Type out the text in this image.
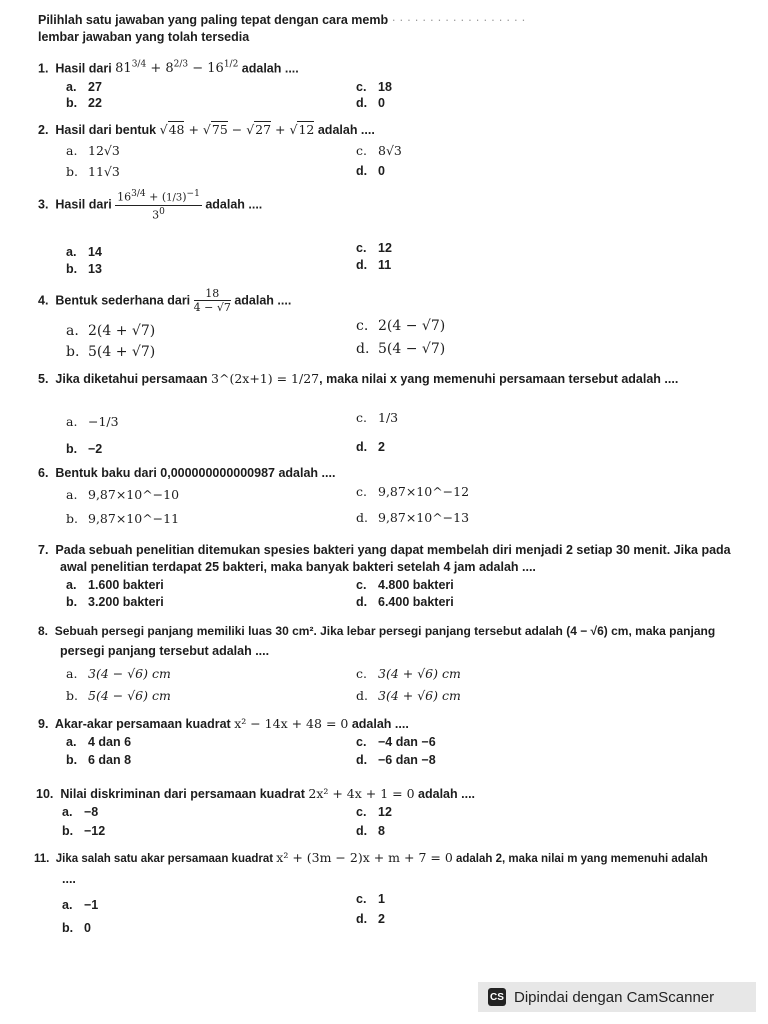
Pilihlah satu jawaban yang paling tepat dengan cara memb · · · · · · · · · · · · · · · · · ·
lembar jawaban yang tolah tersedia
1. Hasil dari $81^{3/4} + 8^{2/3} - 16^{1/2}$ adalah ....
a. 27
b. 22
c. 18
d. 0
2. Hasil dari bentuk √48 + √75 − √27 + √12 adalah ....
a. 12√3
b. 11√3
c. 8√3
d. 0
3. Hasil dari $\frac{16^{3/4} + (1/3)^{-1}}{3^0}$ adalah ....
a. 14
b. 13
c. 12
d. 11
4. Bentuk sederhana dari $\frac{18}{4 - √7}$ adalah ....
a. 2(4 + √7)
b. 5(4 + √7)
c. 2(4 − √7)
d. 5(4 − √7)
5. Jika diketahui persamaan 3^(2x+1) = 1/27, maka nilai x yang memenuhi persamaan tersebut adalah ....
a. −1/3
b. −2
c. 1/3
d. 2
6. Bentuk baku dari 0,000000000000987 adalah ....
a. 9,87×10^−10
b. 9,87×10^−11
c. 9,87×10^−12
d. 9,87×10^−13
7. Pada sebuah penelitian ditemukan spesies bakteri yang dapat membelah diri menjadi 2 setiap 30 menit. Jika pada
awal penelitian terdapat 25 bakteri, maka banyak bakteri setelah 4 jam adalah ....
a. 1.600 bakteri
b. 3.200 bakteri
c. 4.800 bakteri
d. 6.400 bakteri
8. Sebuah persegi panjang memiliki luas 30 cm². Jika lebar persegi panjang tersebut adalah (4 − √6) cm, maka panjang
persegi panjang tersebut adalah ....
a. 3(4 − √6) cm
b. 5(4 − √6) cm
c. 3(4 + √6) cm
d. 3(4 + √6) cm
9. Akar-akar persamaan kuadrat x² − 14x + 48 = 0 adalah ....
a. 4 dan 6
b. 6 dan 8
c. −4 dan −6
d. −6 dan −8
10. Nilai diskriminan dari persamaan kuadrat 2x² + 4x + 1 = 0 adalah ....
a. −8
b. −12
c. 12
d. 8
11. Jika salah satu akar persamaan kuadrat x² + (3m − 2)x + m + 7 = 0 adalah 2, maka nilai m yang memenuhi adalah
....
a. −1
b. 0
c. 1
d. 2
CS Dipindai dengan CamScanner
